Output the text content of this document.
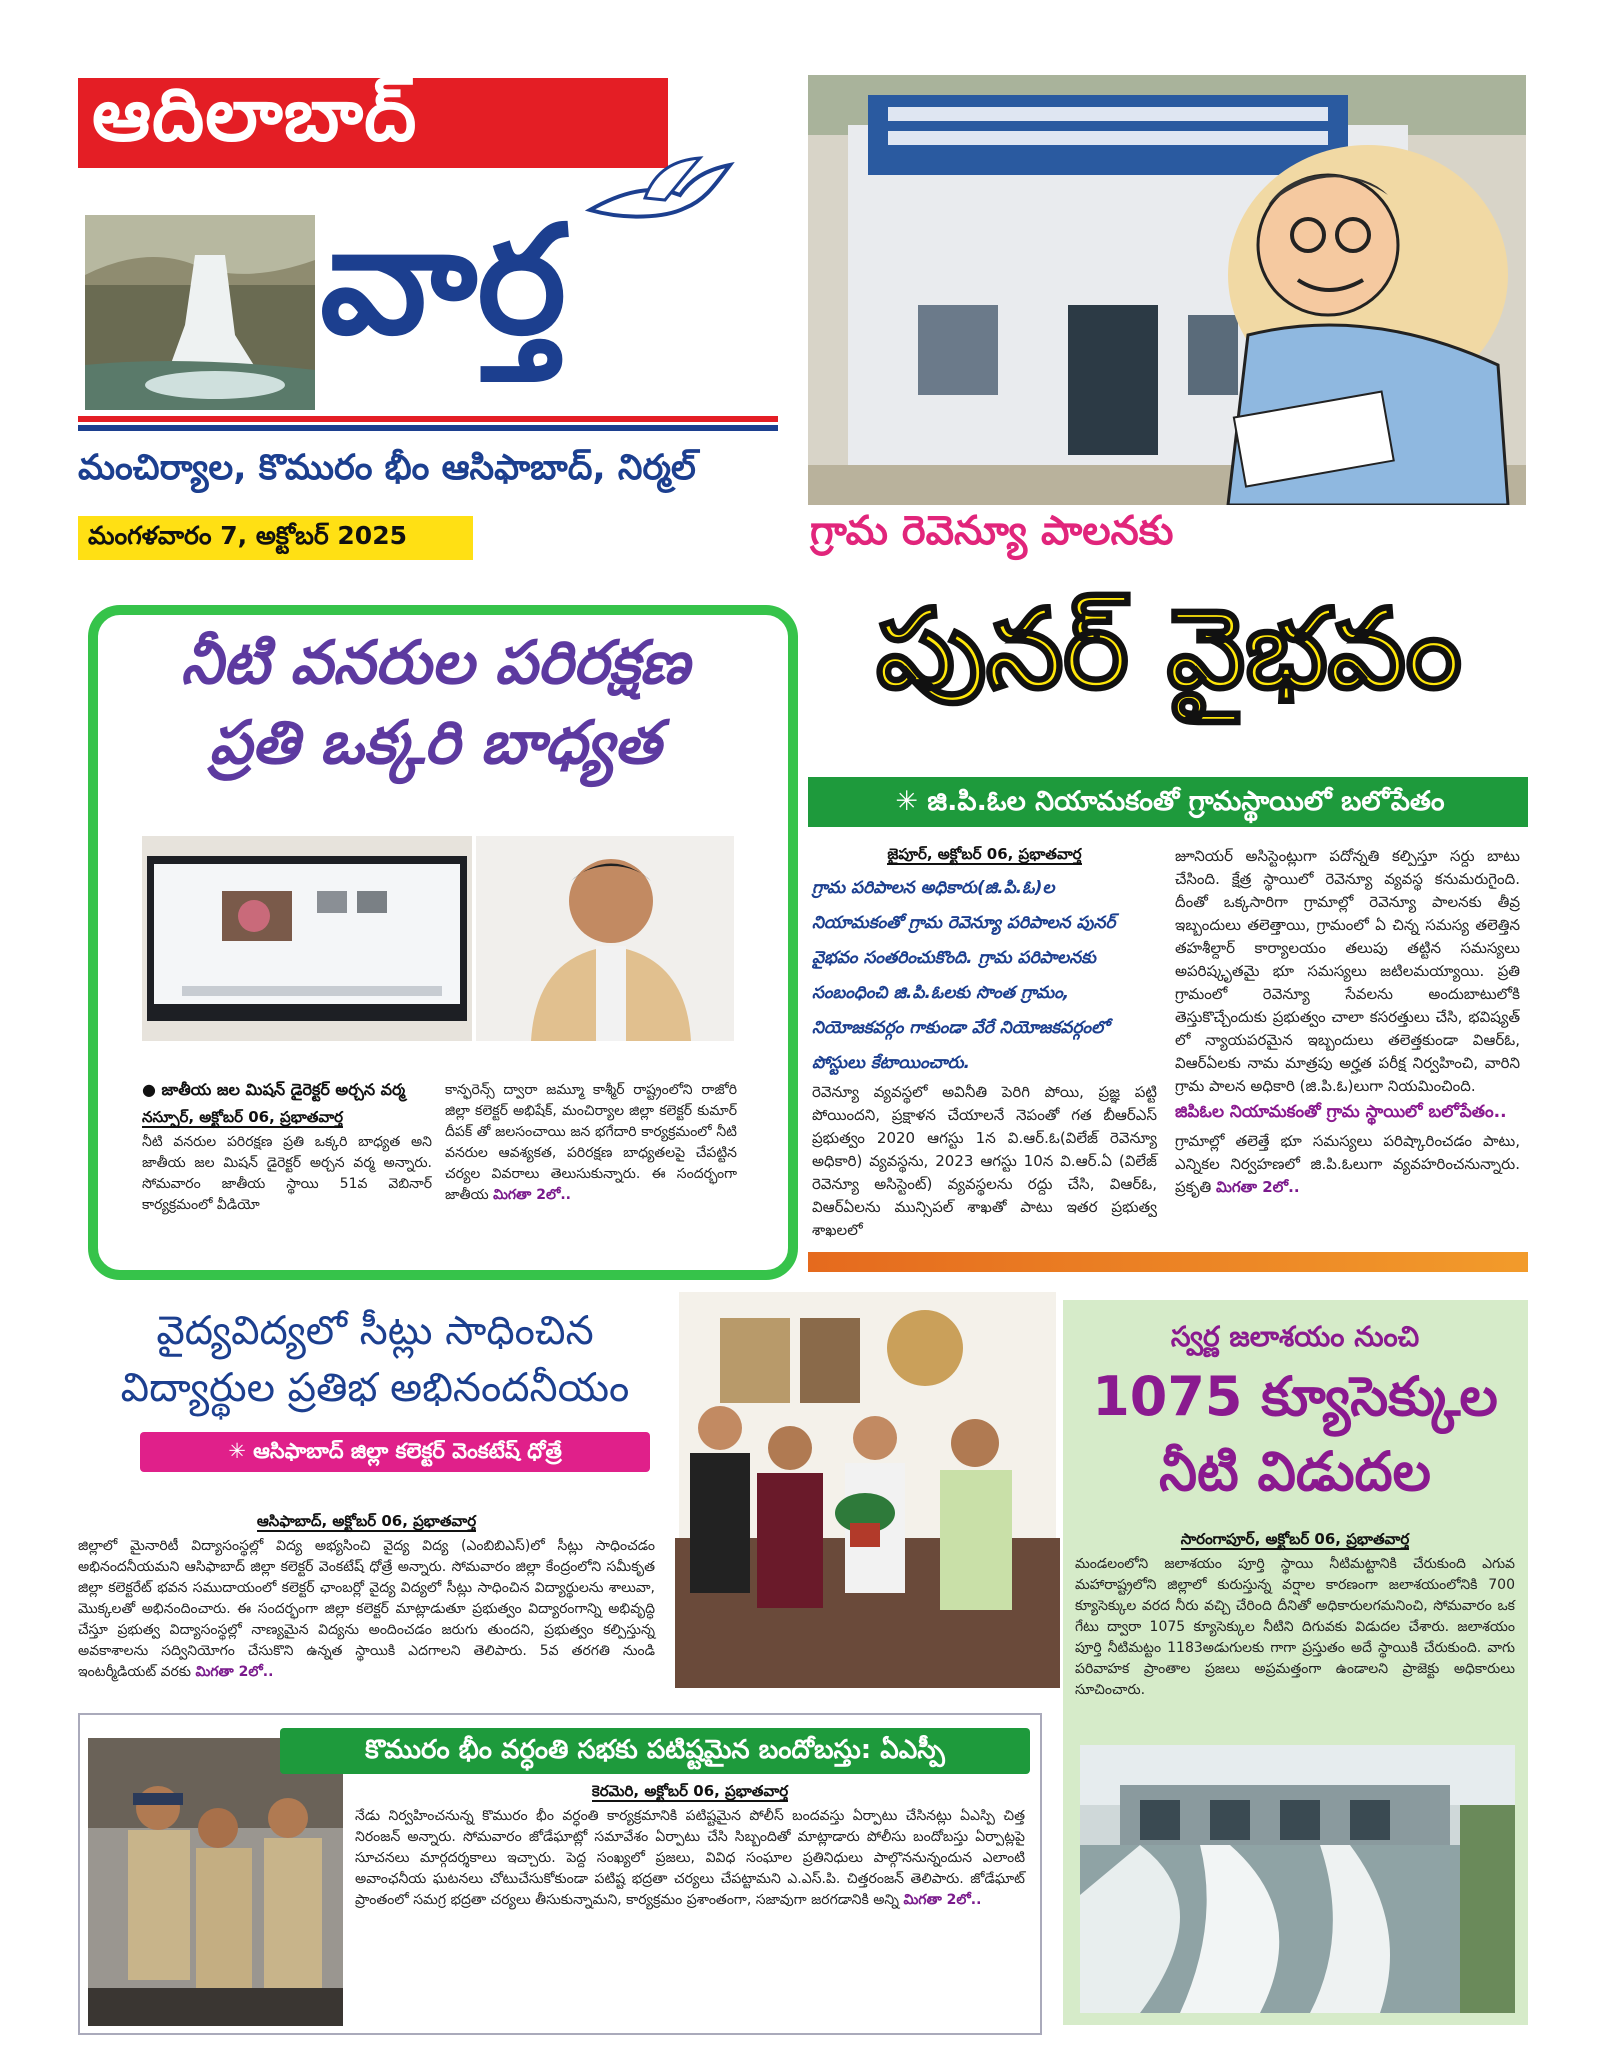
ఆదిలాబాద్
వార్త
మంచిర్యాల, కొమురం భీం ఆసిఫాబాద్, నిర్మల్
మంగళవారం 7, అక్టోబర్ 2025	గ్రామ రెవెన్యూ పాలనకు
పునర్ వైభవం
✳ జి.పి.ఓల నియామకంతో గ్రామస్థాయిలో బలోపేతం
జైపూర్, అక్టోబర్ 06, ప్రభాతవార్త
గ్రామ పరిపాలన అధికారు(జి.పి.ఓ)ల
నియామకంతో గ్రామ రెవెన్యూ పరిపాలన పునర్
వైభవం సంతరించుకొంది. గ్రామ పరిపాలనకు
సంబంధించి జి.పి.ఓలకు సొంత గ్రామం,
నియోజకవర్గం గాకుండా వేరే నియోజకవర్గంలో
పోస్టులు కేటాయించారు.
రెవెన్యూ వ్యవస్థలో అవినీతి పెరిగి పోయి, ప్రజ్ఞ పట్టి పోయిందని, ప్రక్షాళన చేయాలనే నెపంతో గత బీఆర్ఎస్ ప్రభుత్వం 2020 ఆగస్టు 1న వి.ఆర్.ఓ(విలేజ్ రెవెన్యూ అధికారి) వ్యవస్థను, 2023 ఆగస్టు 10న వి.ఆర్.ఏ (విలేజ్ రెవెన్యూ అసిస్టెంట్) వ్యవస్థలను రద్దు చేసి, విఆర్ఓ, విఆర్ఏలను మున్సిపల్ శాఖతో పాటు ఇతర ప్రభుత్వ శాఖలలో
జూనియర్ అసిస్టెంట్లుగా పదోన్నతి కల్పిస్తూ సర్దు బాటు చేసింది. క్షేత్ర స్థాయిలో రెవెన్యూ వ్యవస్థ కనుమరుగైంది. దీంతో ఒక్కసారిగా గ్రామాల్లో రెవెన్యూ పాలనకు తీవ్ర ఇబ్బందులు తలెత్తాయి, గ్రామంలో ఏ చిన్న సమస్య తలెత్తిన తహశీల్దార్ కార్యాలయం తలుపు తట్టిన సమస్యలు అపరిష్కృతమై భూ సమస్యలు జటిలమయ్యాయి. ప్రతి గ్రామంలో రెవెన్యూ సేవలను అందుబాటులోకి తెస్తుకొచ్చేందుకు ప్రభుత్వం చాలా కసరత్తులు చేసి, భవిష్యత్ లో న్యాయపరమైన ఇబ్బందులు తలెత్తకుండా విఆర్ఓ, విఆర్ఏలకు నామ మాత్రపు అర్హత పరీక్ష నిర్వహించి, వారిని గ్రామ పాలన అధికారి (జి.పి.ఓ)లుగా నియమించింది.
జిపిఓల నియామకంతో గ్రామ స్థాయిలో బలోపేతం..
గ్రామాల్లో తలెత్తే భూ సమస్యలు పరిష్కారించడం పాటు, ఎన్నికల నిర్వహణలో జి.పి.ఓలుగా వ్యవహరించనున్నారు. ప్రకృతి మిగతా 2లో..
నీటి వనరుల పరిరక్షణ
ప్రతి ఒక్కరి బాధ్యత
● జాతీయ జల మిషన్ డైరెక్టర్ అర్చన వర్మ
నస్పూర్, అక్టోబర్ 06, ప్రభాతవార్త
నీటి వనరుల పరిరక్షణ ప్రతి ఒక్కరి బాధ్యత అని జాతీయ జల మిషన్ డైరెక్టర్ అర్చన వర్మ అన్నారు. సోమవారం జాతీయ స్థాయి 51వ వెబినార్ కార్యక్రమంలో వీడియో
కాన్ఫరెన్స్ ద్వారా జమ్మూ కాశ్మీర్ రాష్ట్రంలోని రాజోరి జిల్లా కలెక్టర్ అభిషేక్, మంచిర్యాల జిల్లా కలెక్టర్ కుమార్ దీపక్ తో జలసంచాయి జన భగేదారి కార్యక్రమంలో నీటి వనరుల ఆవశ్యకత, పరిరక్షణ బాధ్యతలపై చేపట్టిన చర్యల వివరాలు తెలుసుకున్నారు. ఈ సందర్భంగా జాతీయ మిగతా 2లో..
వైద్యవిద్యలో సీట్లు సాధించిన
విద్యార్థుల ప్రతిభ అభినందనీయం
✳ ఆసిఫాబాద్ జిల్లా కలెక్టర్ వెంకటేష్ ధోత్రే
ఆసిఫాబాద్, అక్టోబర్ 06, ప్రభాతవార్త
జిల్లాలో మైనారిటీ విద్యాసంస్థల్లో విద్య అభ్యసించి వైద్య విద్య (ఎంబిబిఎస్)లో సీట్లు సాధించడం అభినందనీయమని ఆసిఫాబాద్ జిల్లా కలెక్టర్ వెంకటేష్ ధోత్రే అన్నారు. సోమవారం జిల్లా కేంద్రంలోని సమీకృత జిల్లా కలెక్టరేట్ భవన సముదాయంలో కలెక్టర్ ఛాంబర్లో వైద్య విద్యలో సీట్లు సాధించిన విద్యార్థులను శాలువా, మొక్కలతో అభినందించారు. ఈ సందర్భంగా జిల్లా కలెక్టర్ మాట్లాడుతూ ప్రభుత్వం విద్యారంగాన్ని అభివృద్ధి చేస్తూ ప్రభుత్వ విద్యాసంస్థల్లో నాణ్యమైన విద్యను అందించడం జరుగు తుందని, ప్రభుత్వం కల్పిస్తున్న అవకాశాలను సద్వినియోగం చేసుకొని ఉన్నత స్థాయికి ఎదగాలని తెలిపారు. 5వ తరగతి నుండి ఇంటర్మీడియట్ వరకు మిగతా 2లో..
స్వర్ణ జలాశయం నుంచి
1075 క్యూసెక్కుల
నీటి విడుదల
సారంగాపూర్, అక్టోబర్ 06, ప్రభాతవార్త
మండలంలోని జలాశయం పూర్తి స్థాయి నీటిమట్టానికి చేరుకుంది ఎగువ మహారాష్ట్రలోని జిల్లాలో కురుస్తున్న వర్షాల కారణంగా జలాశయంలోనికి 700 క్యూసెక్కుల వరద నీరు వచ్చి చేరింది దీనితో అధికారులగమనించి, సోమవారం ఒక గేటు ద్వారా 1075 క్యూసెక్కుల నీటిని దిగువకు విడుదల చేశారు. జలాశయం పూర్తి నీటిమట్టం 1183అడుగులకు గాగా ప్రస్తుతం అదే స్థాయికి చేరుకుంది. వాగు పరివాహక ప్రాంతాల ప్రజలు అప్రమత్తంగా ఉండాలని ప్రాజెక్టు అధికారులు సూచించారు.
కొమురం భీం వర్ధంతి సభకు పటిష్టమైన బందోబస్తు: ఏఎస్పీ
కెరమెరి, అక్టోబర్ 06, ప్రభాతవార్త
నేడు నిర్వహించనున్న కొమురం భీం వర్ధంతి కార్యక్రమానికి పటిష్టమైన పోలీస్ బందవస్తు ఏర్పాటు చేసినట్లు ఏఎస్పి చిత్త నిరంజన్ అన్నారు. సోమవారం జోడేఘాట్లో సమావేశం ఏర్పాటు చేసి సిబ్బందితో మాట్లాడారు పోలీసు బందోబస్తు ఏర్పాట్లపై సూచనలు మార్గదర్శకాలు ఇచ్చారు. పెద్ద సంఖ్యలో ప్రజలు, వివిధ సంఘాల ప్రతినిధులు పాల్గొననున్నందున ఎలాంటి అవాంఛనీయ ఘటనలు చోటుచేసుకోకుండా పటిష్ట భద్రతా చర్యలు చేపట్టామని ఎ.ఎస్.పి. చిత్తరంజన్ తెలిపారు. జోడేఘాట్ ప్రాంతంలో సమగ్ర భద్రతా చర్యలు తీసుకున్నామని, కార్యక్రమం ప్రశాంతంగా, సజావుగా జరగడానికి అన్ని మిగతా 2లో..
